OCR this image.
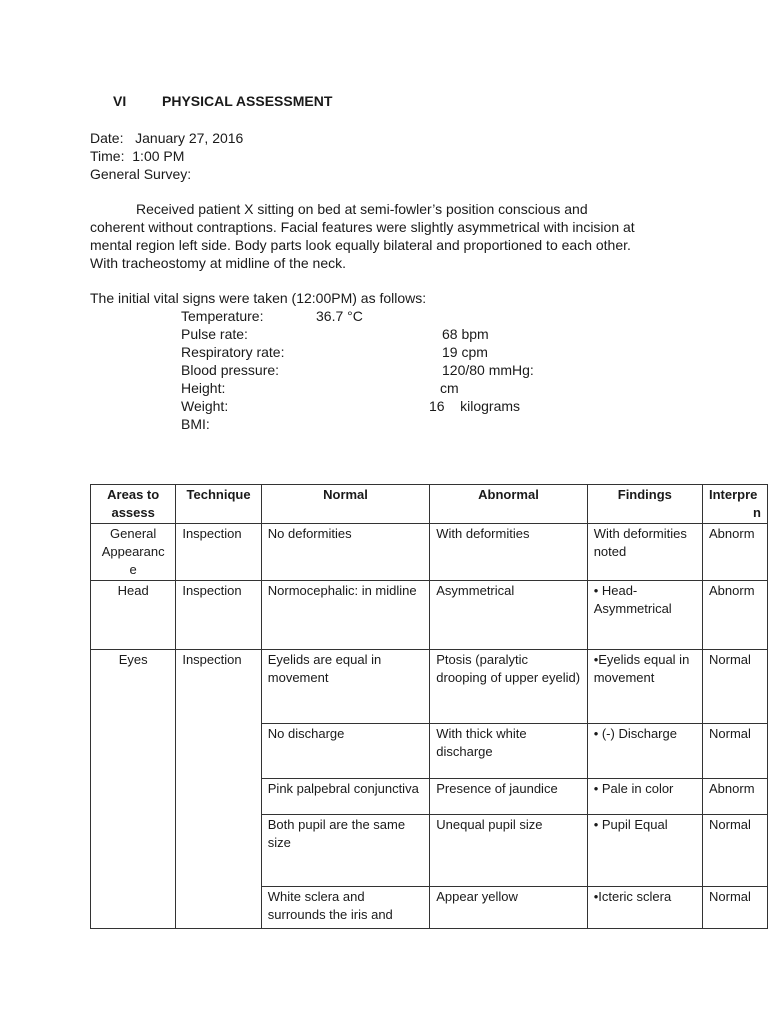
VI	PHYSICAL ASSESSMENT
Date: January 27, 2016
Time: 1:00 PM
General Survey:
Received patient X sitting on bed at semi-fowler’s position conscious and
coherent without contraptions. Facial features were slightly asymmetrical with incision at
mental region left side. Body parts look equally bilateral and proportioned to each other.
With tracheostomy at midline of the neck.
The initial vital signs were taken (12:00PM) as follows:
Temperature:	36.7 °C
Pulse rate:	68 bpm
Respiratory rate:	19 cpm
Blood pressure:	120/80 mmHg:
Height:	cm
Weight:	16    kilograms
BMI:
Areas to
assess	Technique	Normal	Abnormal	Findings	Interpre
n
General
Appearanc
e	Inspection	No deformities	With deformities	With deformities noted	Abnorm
Head	Inspection	Normocephalic: in midline	Asymmetrical	• Head- Asymmetrical	Abnorm
Eyes	Inspection	Eyelids are equal in movement	Ptosis (paralytic drooping of upper eyelid)	•Eyelids equal in movement	Normal
		No discharge	With thick white discharge	• (-) Discharge	Normal
		Pink palpebral conjunctiva	Presence of jaundice	• Pale in color	Abnorm
		Both pupil are the same size	Unequal pupil size	• Pupil Equal	Normal
		White sclera and surrounds the iris and	Appear yellow	•Icteric sclera	Normal
